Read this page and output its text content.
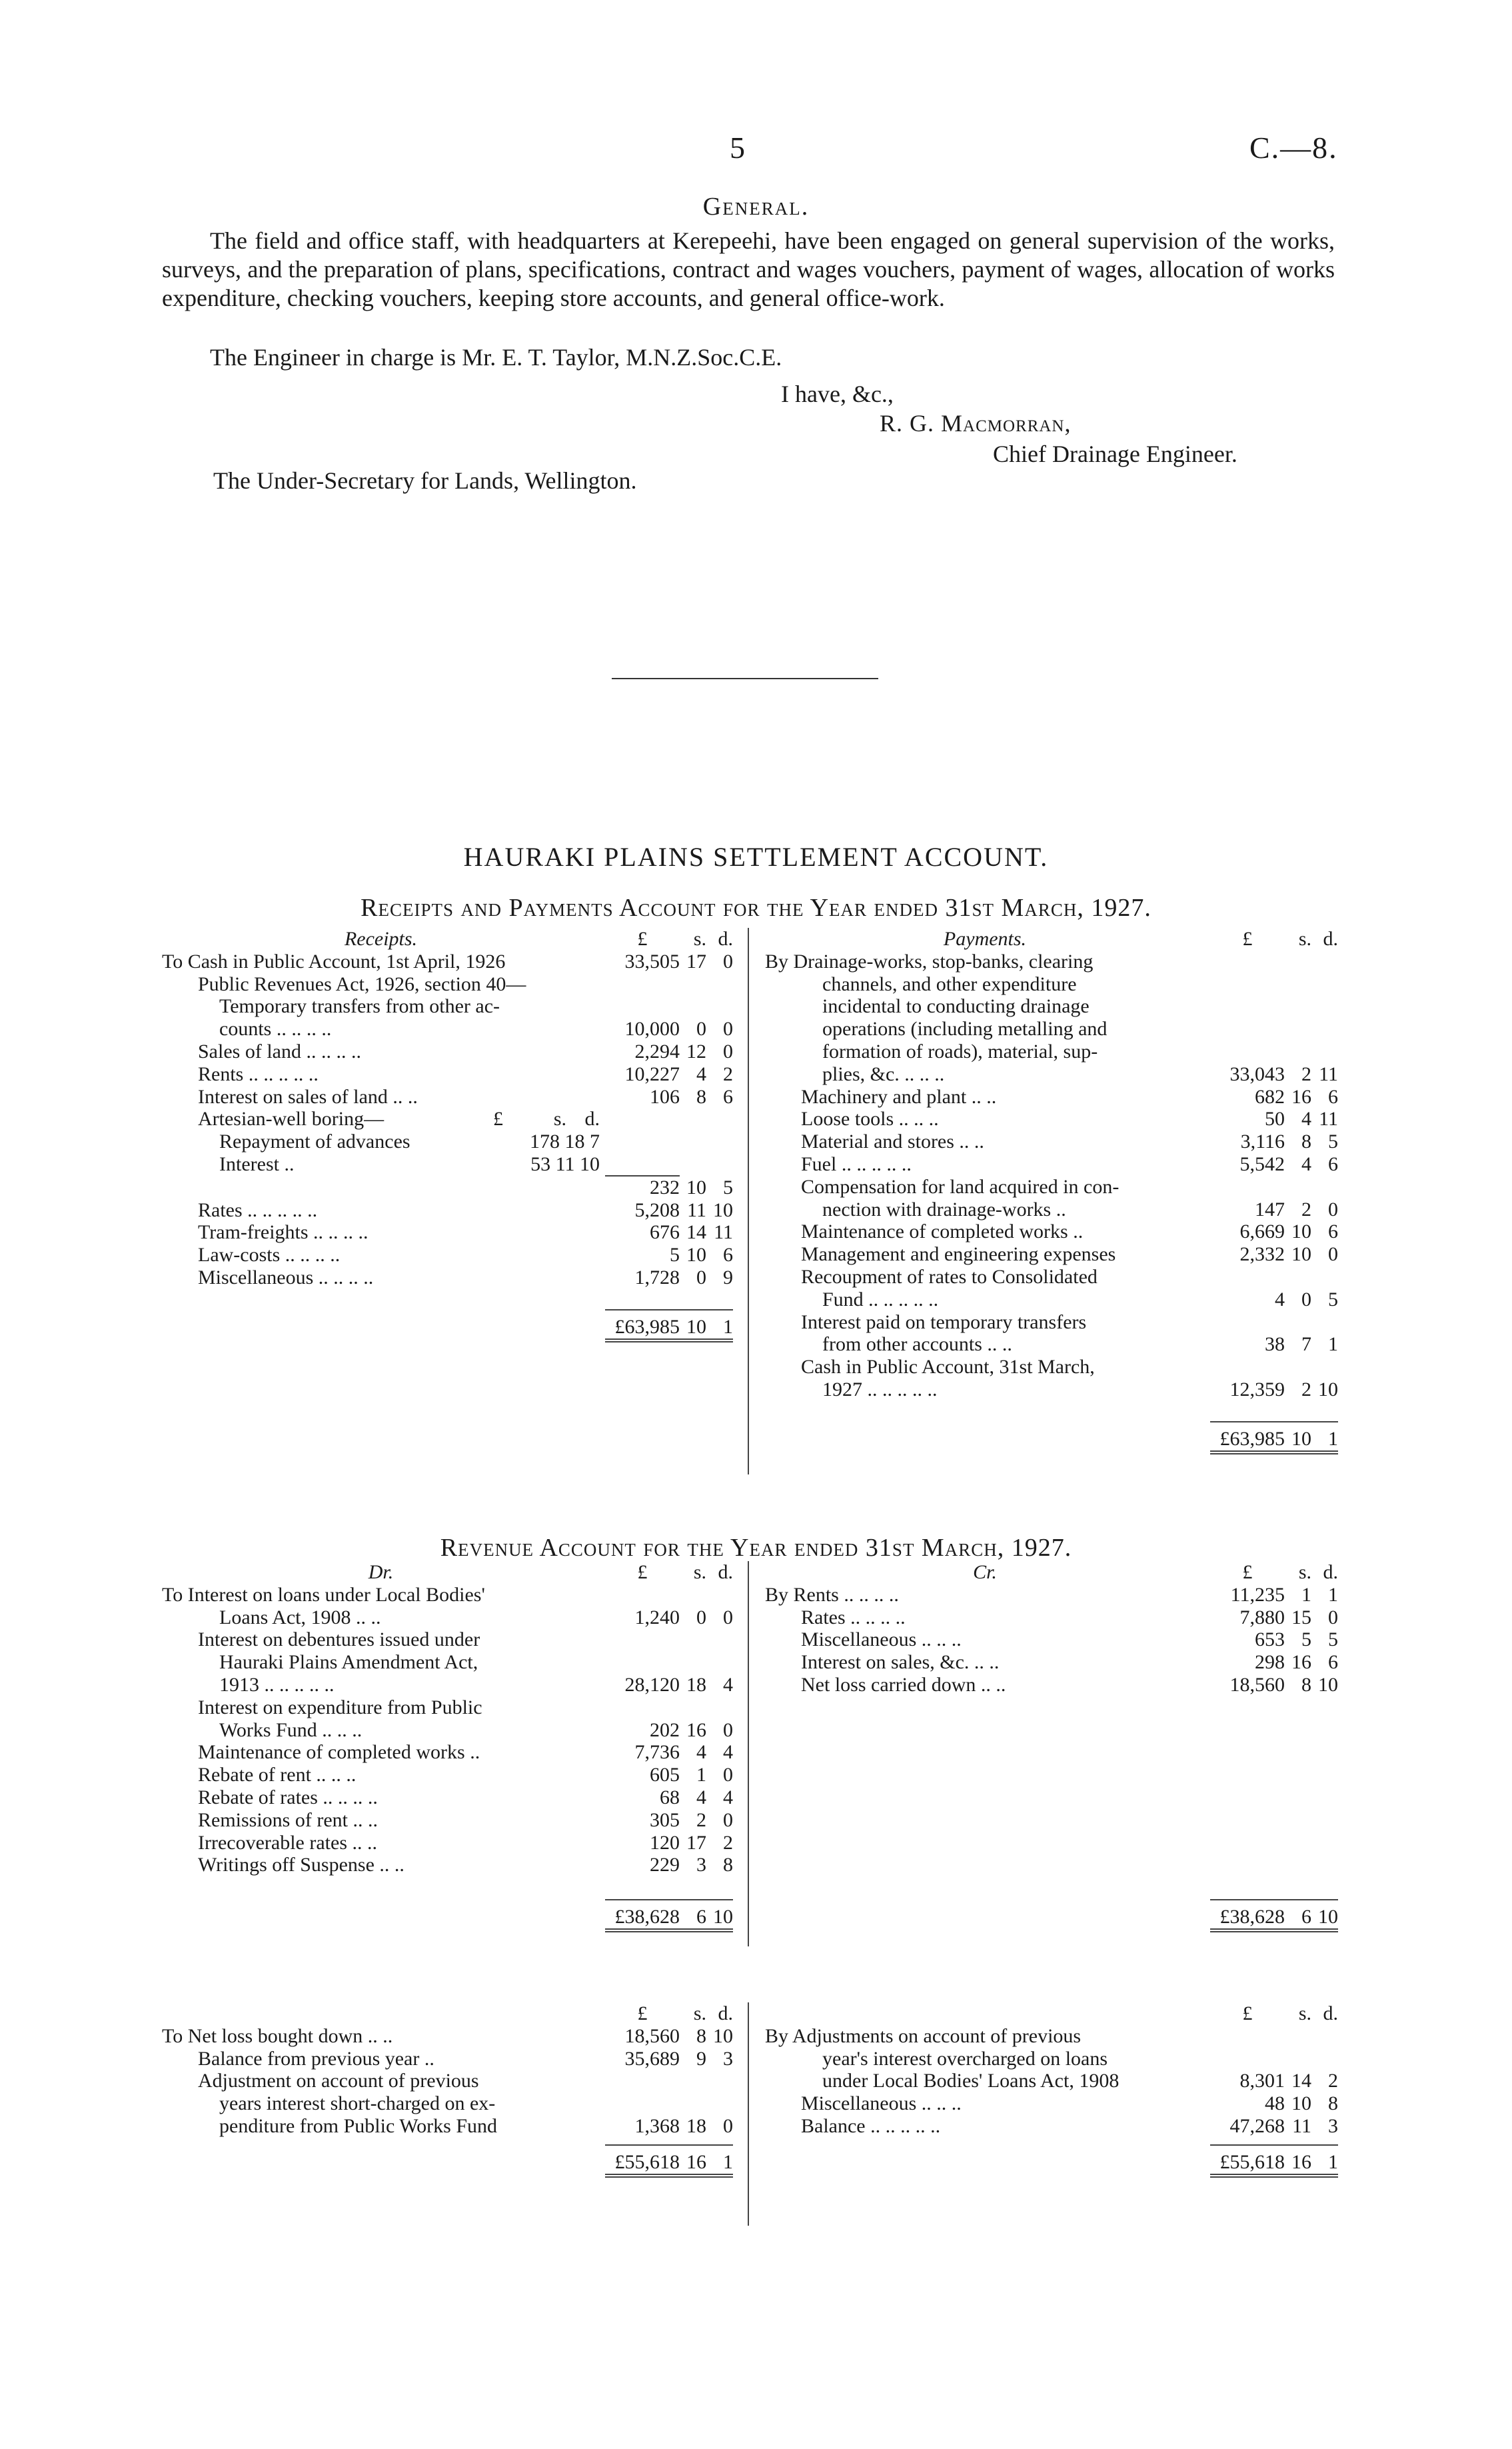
5	C.—8.
General.
The field and office staff, with headquarters at Kerepeehi, have been engaged on general supervision of the works, surveys, and the preparation of plans, specifications, contract and wages vouchers, payment of wages, allocation of works expenditure, checking vouchers, keeping store accounts, and general office-work.
The Engineer in charge is Mr. E. T. Taylor, M.N.Z.Soc.C.E.
I have, &c.,
R. G. Macmorran,
Chief Drainage Engineer.
The Under-Secretary for Lands, Wellington.
HAURAKI PLAINS SETTLEMENT ACCOUNT.
Receipts and Payments Account for the Year ended 31st March, 1927.
Receipts.	£	s.	d.
To Cash in Public Account, 1st April, 1926	33,505	17	0
Public Revenues Act, 1926, section 40—			
Temporary transfers from other ac-			
counts .. .. .. ..	10,000	0	0
Sales of land .. .. .. ..	2,294	12	0
Rents .. .. .. .. ..	10,227	4	2
Interest on sales of land .. ..	106	8	6

Artesian-well boring— £ s. d.			

Repayment of advances 178 18 7			

Interest .. 53 11 10			

	232	10	5
Rates .. .. .. .. ..	5,208	11	10
Tram-freights .. .. .. ..	676	14	11
Law-costs .. .. .. ..	5	10	6
Miscellaneous .. .. .. ..	1,728	0	9

	£63,985	10	1
Payments.	£	s.	d.
By Drainage-works, stop-banks, clearing			
channels, and other expenditure			
incidental to conducting drainage			
operations (including metalling and			
formation of roads), material, sup-			
plies, &c. .. .. ..	33,043	2	11
Machinery and plant .. ..	682	16	6
Loose tools .. .. ..	50	4	11
Material and stores .. ..	3,116	8	5
Fuel .. .. .. .. ..	5,542	4	6
Compensation for land acquired in con-			
nection with drainage-works ..	147	2	0
Maintenance of completed works ..	6,669	10	6
Management and engineering expenses	2,332	10	0
Recoupment of rates to Consolidated			
Fund .. .. .. .. ..	4	0	5
Interest paid on temporary transfers			
from other accounts .. ..	38	7	1
Cash in Public Account, 31st March,			
1927 .. .. .. .. ..	12,359	2	10

	£63,985	10	1
Revenue Account for the Year ended 31st March, 1927.
Dr.	£	s.	d.
To Interest on loans under Local Bodies'			
Loans Act, 1908 .. ..	1,240	0	0
Interest on debentures issued under			
Hauraki Plains Amendment Act,			
1913 .. .. .. .. ..	28,120	18	4
Interest on expenditure from Public			
Works Fund .. .. ..	202	16	0
Maintenance of completed works ..	7,736	4	4
Rebate of rent .. .. ..	605	1	0
Rebate of rates .. .. .. ..	68	4	4
Remissions of rent .. ..	305	2	0
Irrecoverable rates .. ..	120	17	2
Writings off Suspense .. ..	229	3	8

	£38,628	6	10
Cr.	£	s.	d.
By Rents .. .. .. ..	11,235	1	1
Rates .. .. .. ..	7,880	15	0
Miscellaneous .. .. ..	653	5	5
Interest on sales, &c. .. ..	298	16	6
Net loss carried down .. ..	18,560	8	10

	£38,628	6	10
	£	s.	d.
To Net loss bought down .. ..	18,560	8	10
Balance from previous year ..	35,689	9	3
Adjustment on account of previous			
years interest short-charged on ex-			
penditure from Public Works Fund	1,368	18	0

	£55,618	16	1
	£	s.	d.
By Adjustments on account of previous			
year's interest overcharged on loans			
under Local Bodies' Loans Act, 1908	8,301	14	2
Miscellaneous .. .. ..	48	10	8
Balance .. .. .. .. ..	47,268	11	3

	£55,618	16	1
